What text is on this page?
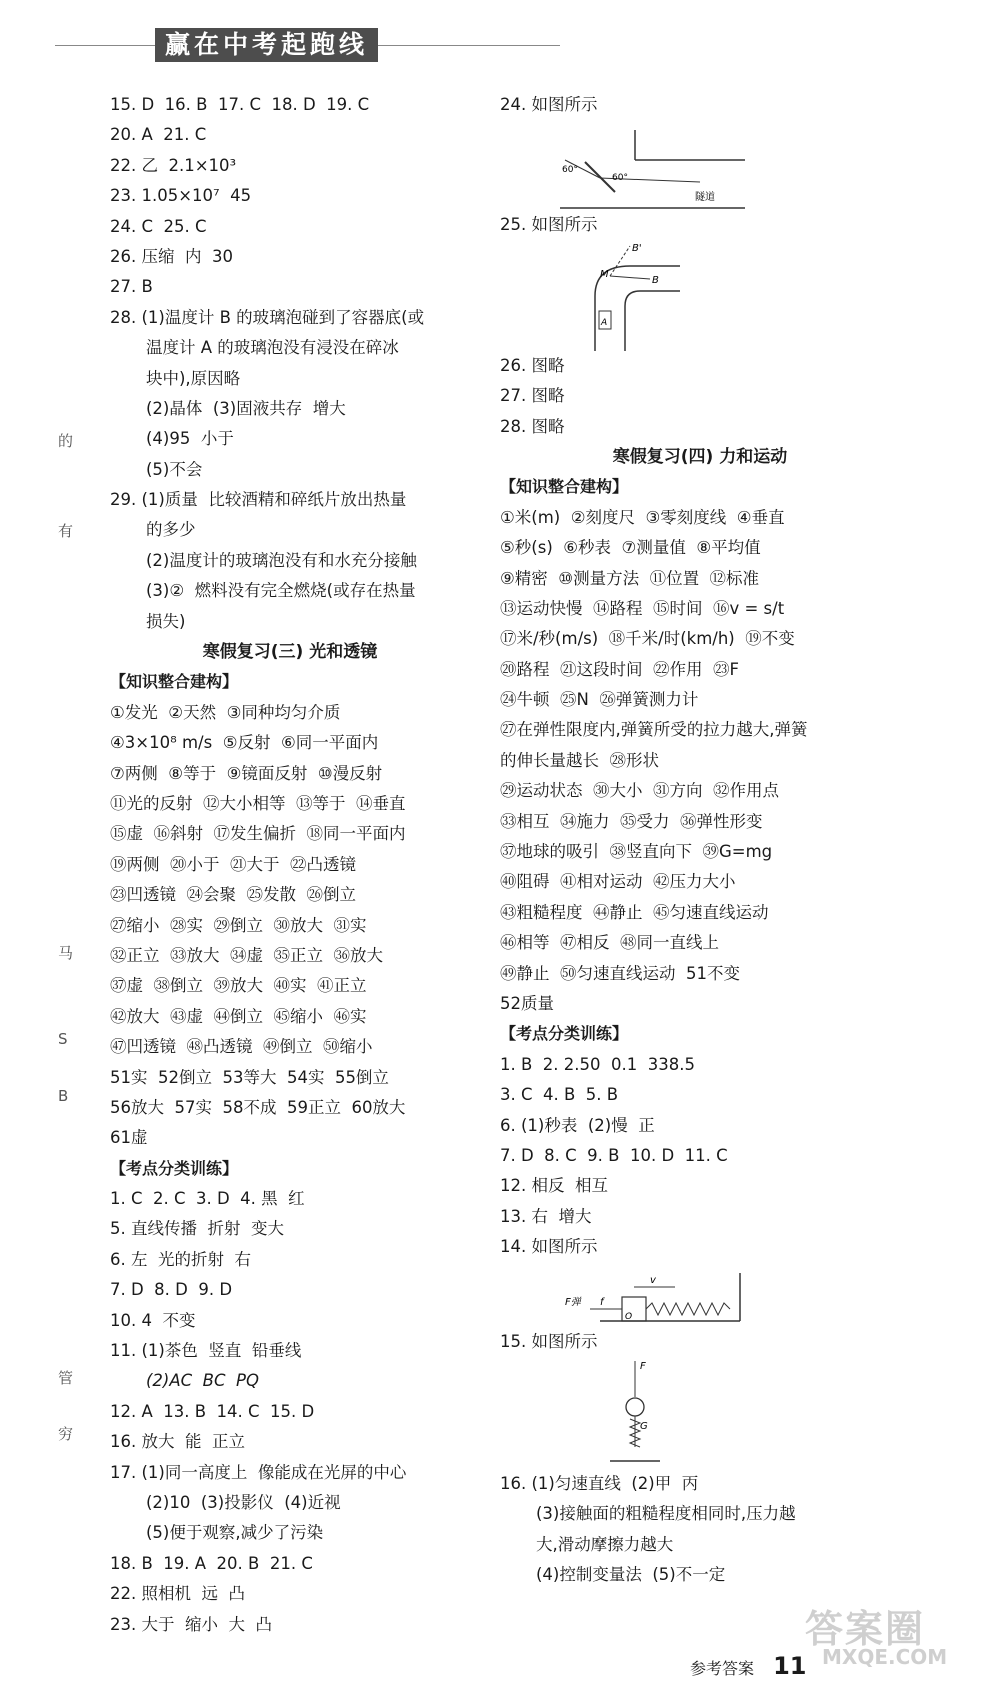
赢在中考起跑线
的
有
马
S
B
管
穷
15. D  16. B  17. C  18. D  19. C
20. A  21. C
22. 乙  2.1×10³
23. 1.05×10⁷  45
24. C  25. C
26. 压缩  内  30
27. B
28. (1)温度计 B 的玻璃泡碰到了容器底(或
温度计 A 的玻璃泡没有浸没在碎冰
块中),原因略
(2)晶体  (3)固液共存  增大
(4)95  小于
(5)不会
29. (1)质量  比较酒精和碎纸片放出热量
的多少
(2)温度计的玻璃泡没有和水充分接触
(3)②  燃料没有完全燃烧(或存在热量
损失)
寒假复习(三) 光和透镜
【知识整合建构】
①发光  ②天然  ③同种均匀介质
④3×10⁸ m/s  ⑤反射  ⑥同一平面内
⑦两侧  ⑧等于  ⑨镜面反射  ⑩漫反射
⑪光的反射  ⑫大小相等  ⑬等于  ⑭垂直
⑮虚  ⑯斜射  ⑰发生偏折  ⑱同一平面内
⑲两侧  ⑳小于  ㉑大于  ㉒凸透镜
㉓凹透镜  ㉔会聚  ㉕发散  ㉖倒立
㉗缩小  ㉘实  ㉙倒立  ㉚放大  ㉛实
㉜正立  ㉝放大  ㉞虚  ㉟正立  ㊱放大
㊲虚  ㊳倒立  ㊴放大  ㊵实  ㊶正立
㊷放大  ㊸虚  ㊹倒立  ㊺缩小  ㊻实
㊼凹透镜  ㊽凸透镜  ㊾倒立  ㊿缩小
51实  52倒立  53等大  54实  55倒立
56放大  57实  58不成  59正立  60放大
61虚
【考点分类训练】
1. C  2. C  3. D  4. 黑  红
5. 直线传播  折射  变大
6. 左  光的折射  右
7. D  8. D  9. D
10. 4  不变
11. (1)茶色  竖直  铅垂线
(2)AC  BC  PQ
12. A  13. B  14. C  15. D
16. 放大  能  正立
17. (1)同一高度上  像能成在光屏的中心
(2)10  (3)投影仪  (4)近视
(5)便于观察,减少了污染
18. B  19. A  20. B  21. C
22. 照相机  远  凸
23. 大于  缩小  大  凸
24. 如图所示
60°
60°
隧道
25. 如图所示
M
B
B'
A
26. 图略
27. 图略
28. 图略
寒假复习(四) 力和运动
【知识整合建构】
①米(m)  ②刻度尺  ③零刻度线  ④垂直
⑤秒(s)  ⑥秒表  ⑦测量值  ⑧平均值
⑨精密  ⑩测量方法  ⑪位置  ⑫标准
⑬运动快慢  ⑭路程  ⑮时间  ⑯v = s/t
⑰米/秒(m/s)  ⑱千米/时(km/h)  ⑲不变
⑳路程  ㉑这段时间  ㉒作用  ㉓F
㉔牛顿  ㉕N  ㉖弹簧测力计
㉗在弹性限度内,弹簧所受的拉力越大,弹簧
的伸长量越长  ㉘形状
㉙运动状态  ㉚大小  ㉛方向  ㉜作用点
㉝相互  ㉞施力  ㉟受力  ㊱弹性形变
㊲地球的吸引  ㊳竖直向下  ㊴G=mg
㊵阻碍  ㊶相对运动  ㊷压力大小
㊸粗糙程度  ㊹静止  ㊺匀速直线运动
㊻相等  ㊼相反  ㊽同一直线上
㊾静止  ㊿匀速直线运动  51不变
52质量
【考点分类训练】
1. B  2. 2.50  0.1  338.5
3. C  4. B  5. B
6. (1)秒表  (2)慢  正
7. D  8. C  9. B  10. D  11. C
12. 相反  相互
13. 右  增大
14. 如图所示
F弹 f
v
O
15. 如图所示
F
G
16. (1)匀速直线  (2)甲  丙
(3)接触面的粗糙程度相同时,压力越
大,滑动摩擦力越大
(4)控制变量法  (5)不一定
参考答案 11
答案圈
MXQE.COM
